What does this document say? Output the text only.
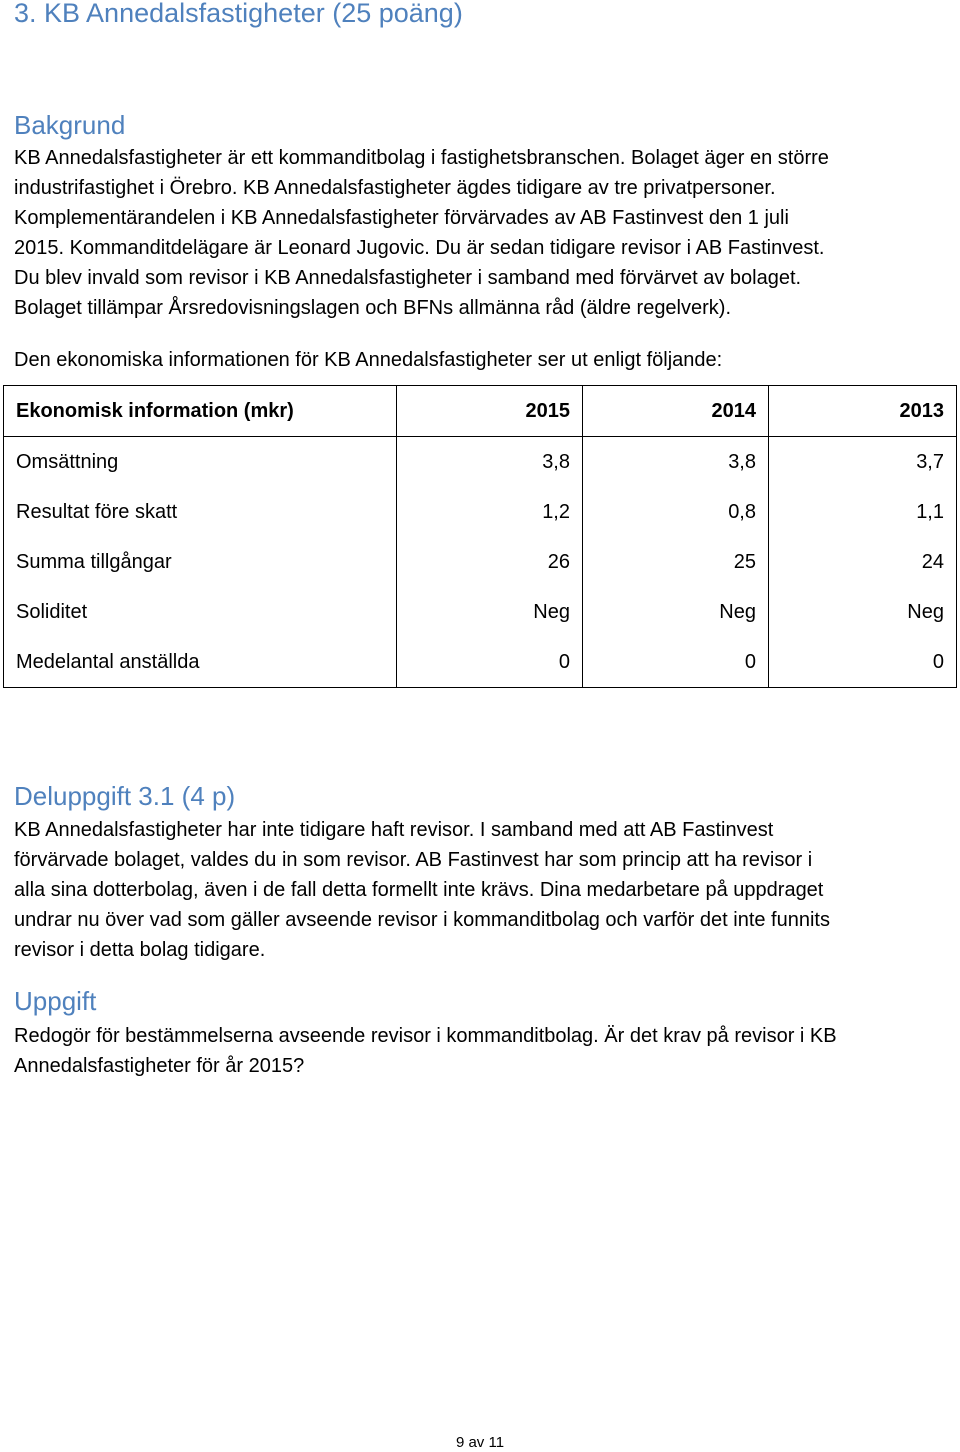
3. KB Annedalsfastigheter (25 poäng)
Bakgrund
KB Annedalsfastigheter är ett kommanditbolag i fastighetsbranschen. Bolaget äger en större
industrifastighet i Örebro. KB Annedalsfastigheter ägdes tidigare av tre privatpersoner.
Komplementärandelen i KB Annedalsfastigheter förvärvades av AB Fastinvest den 1 juli
2015. Kommanditdelägare är Leonard Jugovic. Du är sedan tidigare revisor i AB Fastinvest.
Du blev invald som revisor i KB Annedalsfastigheter i samband med förvärvet av bolaget.
Bolaget tillämpar Årsredovisningslagen och BFNs allmänna råd (äldre regelverk).

Den ekonomiska informationen för KB Annedalsfastigheter ser ut enligt följande:

Ekonomisk information (mkr)	2015	2014	2013
Omsättning	3,8	3,8	3,7
Resultat före skatt	1,2	0,8	1,1
Summa tillgångar	26	25	24
Soliditet	Neg	Neg	Neg
Medelantal anställda	0	0	0
Deluppgift 3.1 (4 p)
KB Annedalsfastigheter har inte tidigare haft revisor. I samband med att AB Fastinvest
förvärvade bolaget, valdes du in som revisor. AB Fastinvest har som princip att ha revisor i
alla sina dotterbolag, även i de fall detta formellt inte krävs. Dina medarbetare på uppdraget
undrar nu över vad som gäller avseende revisor i kommanditbolag och varför det inte funnits
revisor i detta bolag tidigare.
Uppgift
Redogör för bestämmelserna avseende revisor i kommanditbolag. Är det krav på revisor i KB
Annedalsfastigheter för år 2015?

9 av 11
